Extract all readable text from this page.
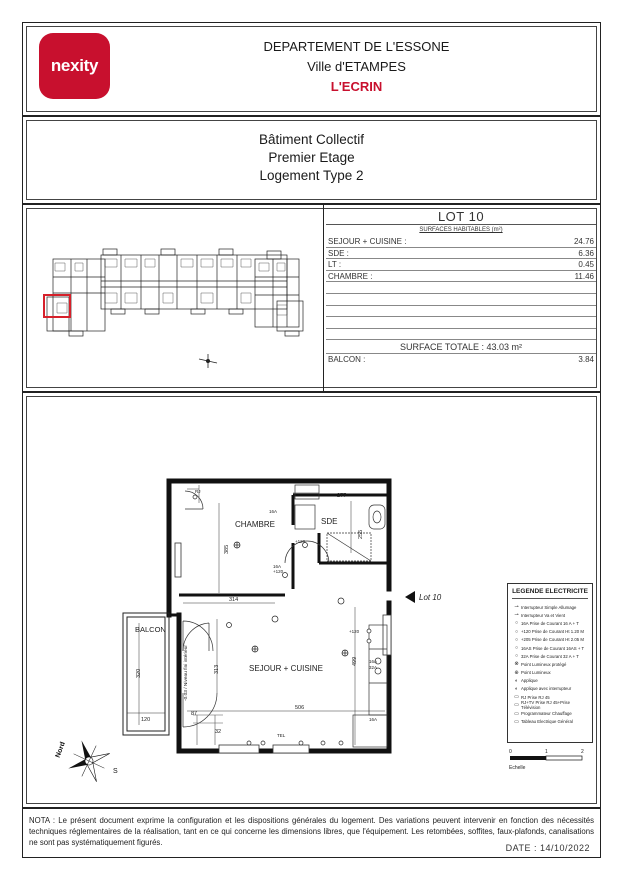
nexity
DEPARTEMENT DE L'ESSONE
Ville d'ETAMPES
L'ECRIN
Bâtiment Collectif
Premier Etage
Logement Type 2
LOT 10
SURFACES HABITABLES (m²)
SEJOUR + CUISINE :	24.76
SDE :	6.36
LT :	0.45
CHAMBRE :	11.46
SURFACE TOTALE : 43.03 m²
BALCON :	3.84
CHAMBRE	SDE
SEJOUR + CUISINE
BALCON
277
255
385
314
499
506
313
320
120
87
32
-0.03 / Niveau fini intérieur
16A
+120
16A
+120
+120
16A
32A
16A
RJ
TEL
Lot 10
Nord
S
LEGENDE ELECTRICITE
⊸ Interrupteur Simple Allumage
⊸ Interrupteur Va et Vient
○ 16A Prise de Courant 16 A + T
○ +120 Prise de Courant Ht 1.20 M
○ +205 Prise de Courant Ht 2.05 M
○ 16AS Prise de Courant 16AS + T
○ 32A Prise de Courant 32 A + T
⊗ Point Lumineux protégé
⊕ Point Lumineux
◐ Applique
◐ Applique avec interrupteur
▭ RJ Prise RJ 45
▭ RJ+TV Prise RJ 45+Prise Télévision
▭ Programmateur Chauffage
▭ Tableau Electrique Général
0	1	2
Echelle
NOTA : Le présent document exprime la configuration et les dispositions générales du logement. Des variations peuvent intervenir en fonction des nécessités techniques réglementaires de la réalisation, tant en ce qui concerne les dimensions libres, que l'équipement. Les retombées, soffites, faux-plafonds, canalisations ne sont pas systématiquement figurés.
DATE : 14/10/2022
